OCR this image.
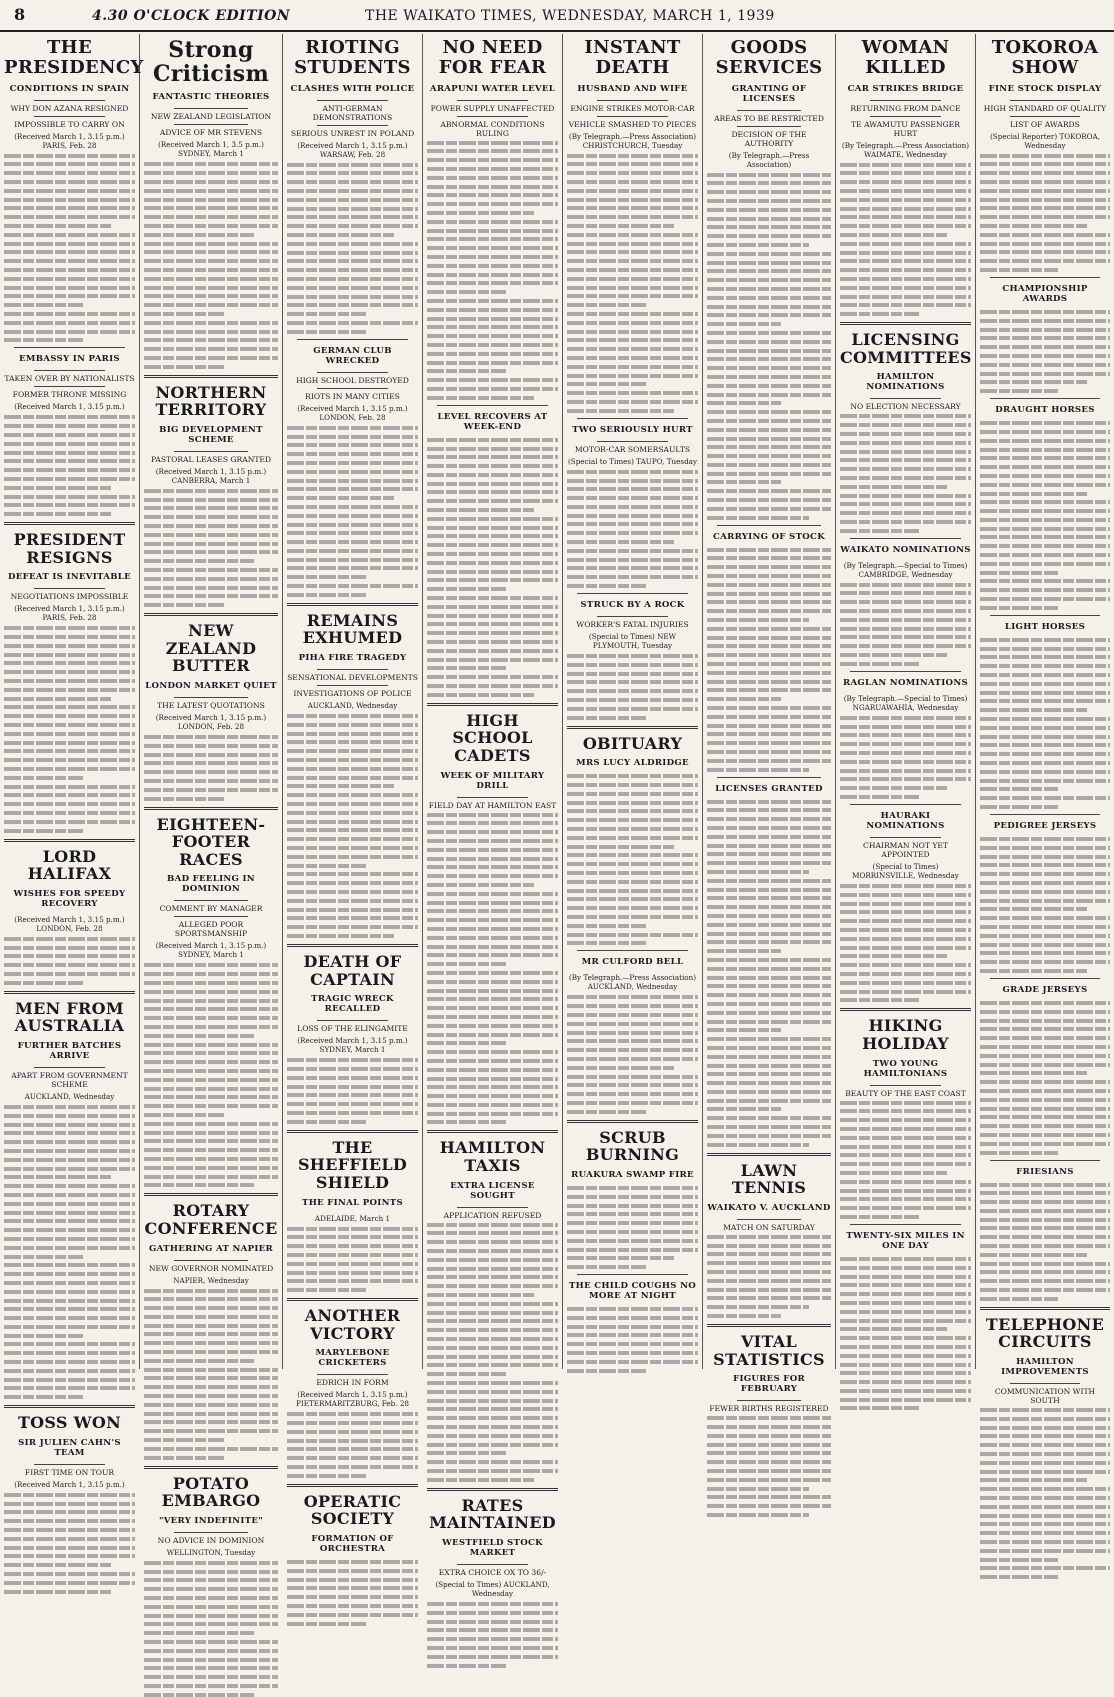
8	4.30 O'CLOCK EDITION	THE WAIKATO TIMES, WEDNESDAY, MARCH 1, 1939
THE PRESIDENCY
CONDITIONS IN SPAIN
WHY DON AZANA RESIGNED
IMPOSSIBLE TO CARRY ON
(Received March 1, 3.15 p.m.) PARIS, Feb. 28
EMBASSY IN PARIS
TAKEN OVER BY NATIONALISTS
FORMER THRONE MISSING
(Received March 1, 3.15 p.m.)
PRESIDENT RESIGNS
DEFEAT IS INEVITABLE
NEGOTIATIONS IMPOSSIBLE
(Received March 1, 3.15 p.m.) PARIS, Feb. 28
LORD HALIFAX
WISHES FOR SPEEDY RECOVERY
(Received March 1, 3.15 p.m.) LONDON, Feb. 28
MEN FROM AUSTRALIA
FURTHER BATCHES ARRIVE
APART FROM GOVERNMENT SCHEME
AUCKLAND, Wednesday
TOSS WON
SIR JULIEN CAHN'S TEAM
FIRST TIME ON TOUR
(Received March 1, 3.15 p.m.)
Strong Criticism
FANTASTIC THEORIES
NEW ZEALAND LEGISLATION
ADVICE OF MR STEVENS
(Received March 1, 3.5 p.m.) SYDNEY, March 1
NORTHERN TERRITORY
BIG DEVELOPMENT SCHEME
PASTORAL LEASES GRANTED
(Received March 1, 3.15 p.m.) CANBERRA, March 1
NEW ZEALAND BUTTER
LONDON MARKET QUIET
THE LATEST QUOTATIONS
(Received March 1, 3.15 p.m.) LONDON, Feb. 28
EIGHTEEN-FOOTER RACES
BAD FEELING IN DOMINION
COMMENT BY MANAGER
ALLEGED POOR SPORTSMANSHIP
(Received March 1, 3.15 p.m.) SYDNEY, March 1
ROTARY CONFERENCE
GATHERING AT NAPIER
NEW GOVERNOR NOMINATED
NAPIER, Wednesday
POTATO EMBARGO
"VERY INDEFINITE"
NO ADVICE IN DOMINION
WELLINGTON, Tuesday
RIOTING STUDENTS
CLASHES WITH POLICE
ANTI-GERMAN DEMONSTRATIONS
SERIOUS UNREST IN POLAND
(Received March 1, 3.15 p.m.) WARSAW, Feb. 28
GERMAN CLUB WRECKED
HIGH SCHOOL DESTROYED
RIOTS IN MANY CITIES
(Received March 1, 3.15 p.m.) LONDON, Feb. 28
REMAINS EXHUMED
PIHA FIRE TRAGEDY
SENSATIONAL DEVELOPMENTS
INVESTIGATIONS OF POLICE
AUCKLAND, Wednesday
DEATH OF CAPTAIN
TRAGIC WRECK RECALLED
LOSS OF THE ELINGAMITE
(Received March 1, 3.15 p.m.) SYDNEY, March 1
THE SHEFFIELD SHIELD
THE FINAL POINTS
ADELAIDE, March 1
ANOTHER VICTORY
MARYLEBONE CRICKETERS
EDRICH IN FORM
(Received March 1, 3.15 p.m.) PIETERMARITZBURG, Feb. 28
OPERATIC SOCIETY
FORMATION OF ORCHESTRA
NO NEED FOR FEAR
ARAPUNI WATER LEVEL
POWER SUPPLY UNAFFECTED
ABNORMAL CONDITIONS RULING
LEVEL RECOVERS AT WEEK-END
HIGH SCHOOL CADETS
WEEK OF MILITARY DRILL
FIELD DAY AT HAMILTON EAST
HAMILTON TAXIS
EXTRA LICENSE SOUGHT
APPLICATION REFUSED
RATES MAINTAINED
WESTFIELD STOCK MARKET
EXTRA CHOICE OX TO 36/-
(Special to Times) AUCKLAND, Wednesday
INSTANT DEATH
HUSBAND AND WIFE
ENGINE STRIKES MOTOR-CAR
VEHICLE SMASHED TO PIECES
(By Telegraph.—Press Association) CHRISTCHURCH, Tuesday
TWO SERIOUSLY HURT
MOTOR-CAR SOMERSAULTS
(Special to Times) TAUPO, Tuesday
STRUCK BY A ROCK
WORKER'S FATAL INJURIES
(Special to Times) NEW PLYMOUTH, Tuesday
OBITUARY
MRS LUCY ALDRIDGE
MR CULFORD BELL
(By Telegraph.—Press Association) AUCKLAND, Wednesday
SCRUB BURNING
RUAKURA SWAMP FIRE
THE CHILD COUGHS NO MORE AT NIGHT
GOODS SERVICES
GRANTING OF LICENSES
AREAS TO BE RESTRICTED
DECISION OF THE AUTHORITY
(By Telegraph.—Press Association)
CARRYING OF STOCK
LICENSES GRANTED
LAWN TENNIS
WAIKATO V. AUCKLAND
MATCH ON SATURDAY
VITAL STATISTICS
FIGURES FOR FEBRUARY
FEWER BIRTHS REGISTERED
WOMAN KILLED
CAR STRIKES BRIDGE
RETURNING FROM DANCE
TE AWAMUTU PASSENGER HURT
(By Telegraph.—Press Association) WAIMATE, Wednesday
LICENSING COMMITTEES
HAMILTON NOMINATIONS
NO ELECTION NECESSARY
WAIKATO NOMINATIONS
(By Telegraph.—Special to Times) CAMBRIDGE, Wednesday
RAGLAN NOMINATIONS
(By Telegraph.—Special to Times) NGARUAWAHIA, Wednesday
HAURAKI NOMINATIONS
CHAIRMAN NOT YET APPOINTED
(Special to Times) MORRINSVILLE, Wednesday
HIKING HOLIDAY
TWO YOUNG HAMILTONIANS
BEAUTY OF THE EAST COAST
TWENTY-SIX MILES IN ONE DAY
TOKOROA SHOW
FINE STOCK DISPLAY
HIGH STANDARD OF QUALITY
LIST OF AWARDS
(Special Reporter) TOKOROA, Wednesday
CHAMPIONSHIP AWARDS
DRAUGHT HORSES
LIGHT HORSES
PEDIGREE JERSEYS
GRADE JERSEYS
FRIESIANS
TELEPHONE CIRCUITS
HAMILTON IMPROVEMENTS
COMMUNICATION WITH SOUTH
